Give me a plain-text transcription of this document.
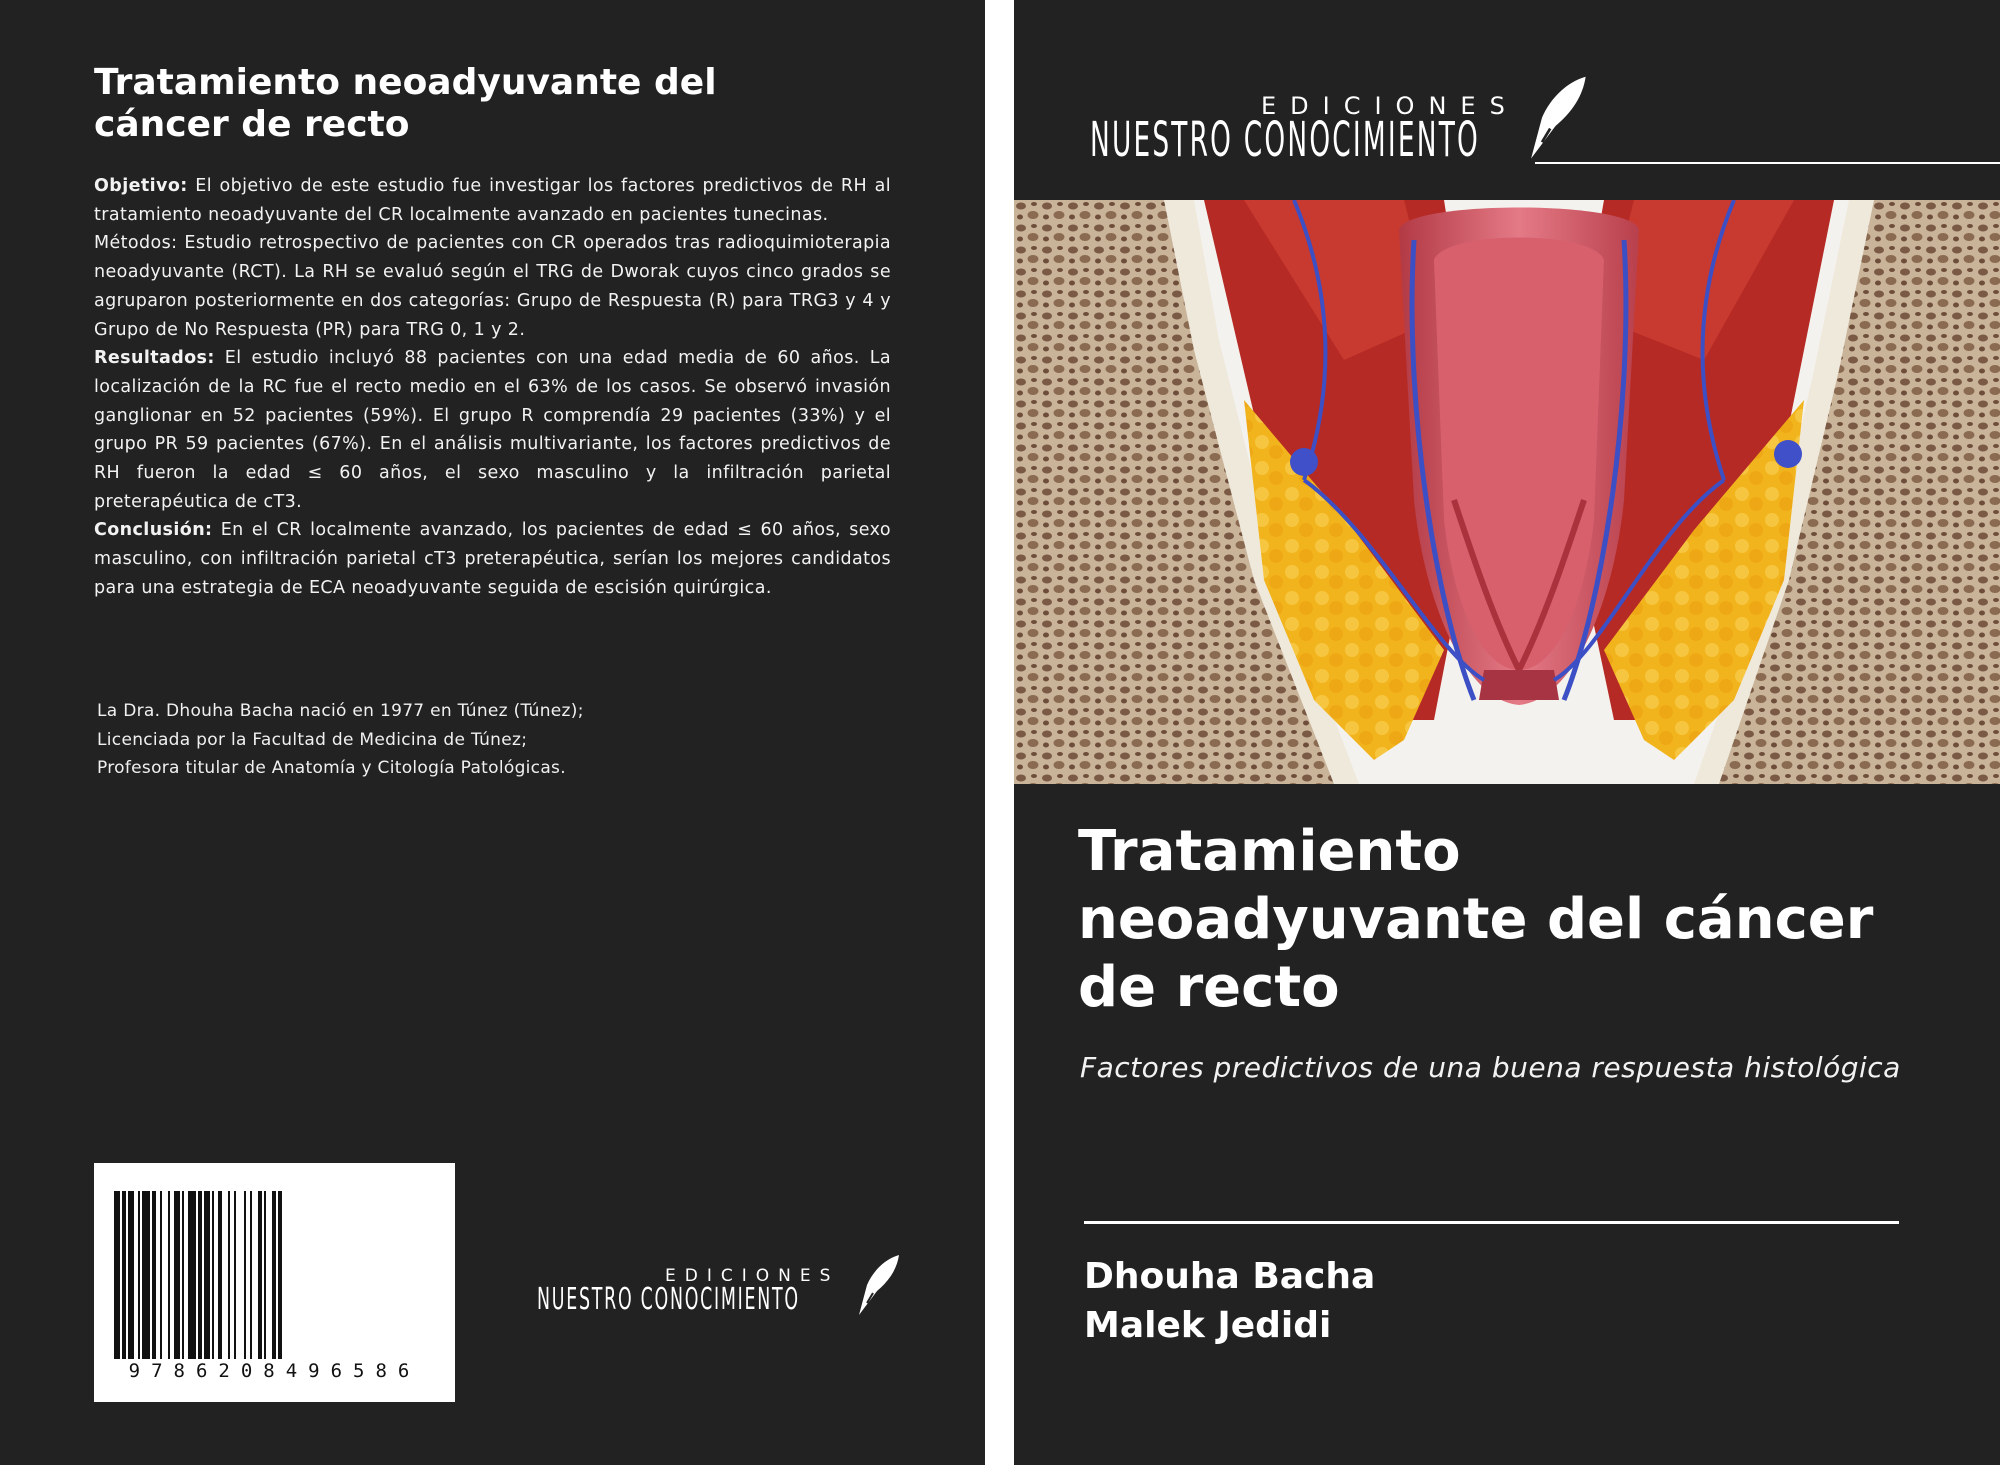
Tratamiento neoadyuvante del cáncer de recto

Objetivo: El objetivo de este estudio fue investigar los factores predictivos de RH al tratamiento neoadyuvante del CR localmente avanzado en pacientes tunecinas.

Métodos: Estudio retrospectivo de pacientes con CR operados tras radioquimioterapia neoadyuvante (RCT). La RH se evaluó según el TRG de Dworak cuyos cinco grados se agruparon posteriormente en dos categorías: Grupo de Respuesta (R) para TRG3 y 4 y Grupo de No Respuesta (PR) para TRG 0, 1 y 2.

Resultados: El estudio incluyó 88 pacientes con una edad media de 60 años. La localización de la RC fue el recto medio en el 63% de los casos. Se observó invasión ganglionar en 52 pacientes (59%). El grupo R comprendía 29 pacientes (33%) y el grupo PR 59 pacientes (67%). En el análisis multivariante, los factores predictivos de RH fueron la edad ≤ 60 años, el sexo masculino y la infiltración parietal preterapéutica de cT3.

Conclusión: En el CR localmente avanzado, los pacientes de edad ≤ 60 años, sexo masculino, con infiltración parietal cT3 preterapéutica, serían los mejores candidatos para una estrategia de ECA neoadyuvante seguida de escisión quirúrgica.

La Dra. Dhouha Bacha nació en 1977 en Túnez (Túnez);
Licenciada por la Facultad de Medicina de Túnez;
Profesora titular de Anatomía y Citología Patológicas.
9786208496586
EDICIONES
NUESTRO CONOCIMIENTO
EDICIONES
NUESTRO CONOCIMIENTO
Tratamiento
neoadyuvante del cáncer
de recto
Factores predictivos de una buena respuesta histológica
Dhouha Bacha
Malek Jedidi
